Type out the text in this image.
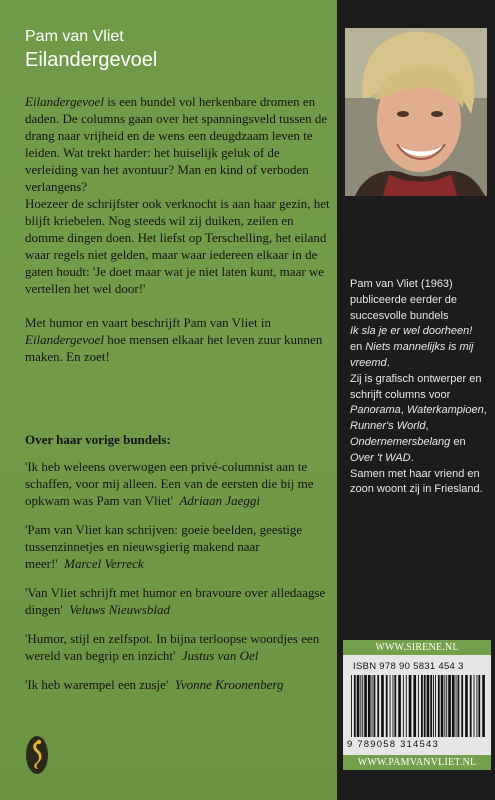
Pam van Vliet
Eilandergevoel

Eilandergevoel is een bundel vol herkenbare dromen en daden. De columns gaan over het spanningsveld tussen de drang naar vrijheid en de wens een deugdzaam leven te leiden. Wat trekt harder: het huiselijk geluk of de verleiding van het avontuur? Man en kind of verboden verlangens?

Hoezeer de schrijfster ook verknocht is aan haar gezin, het blijft kriebelen. Nog steeds wil zij duiken, zeilen en domme dingen doen. Het liefst op Terschelling, het eiland waar regels niet gelden, maar waar iedereen elkaar in de gaten houdt: 'Je doet maar wat je niet laten kunt, maar we vertellen het wel door!'

Met humor en vaart beschrijft Pam van Vliet in Eilandergevoel hoe mensen elkaar het leven zuur kunnen maken. En zoet!

Over haar vorige bundels:

'Ik heb weleens overwogen een privé-columnist aan te schaffen, voor mij alleen. Een van de eersten die bij me opkwam was Pam van Vliet' Adriaan Jaeggi

'Pam van Vliet kan schrijven: goeie beelden, geestige tussenzinnetjes en nieuwsgierig makend naar meer!' Marcel Verreck

'Van Vliet schrijft met humor en bravoure over alledaagse dingen' Veluws Nieuwsblad

'Humor, stijl en zelfspot. In bijna terloopse woordjes een wereld van begrip en inzicht' Justus van Oel

'Ik heb warempel een zusje' Yvonne Kroonenberg

Pam van Vliet (1963) publiceerde eerder de succesvolle bundels

Ik sla je er wel doorheen!

en Niets mannelijks is mij vreemd.

Zij is grafisch ontwerper en schrijft columns voor Panorama, Waterkampioen, Runner's World, Ondernemersbelang en Over 't WAD.

Samen met haar vriend en zoon woont zij in Friesland.

WWW.SIRENE.NL
ISBN 978 90 5831 454 3
9 789058 314543
WWW.PAMVANVLIET.NL
